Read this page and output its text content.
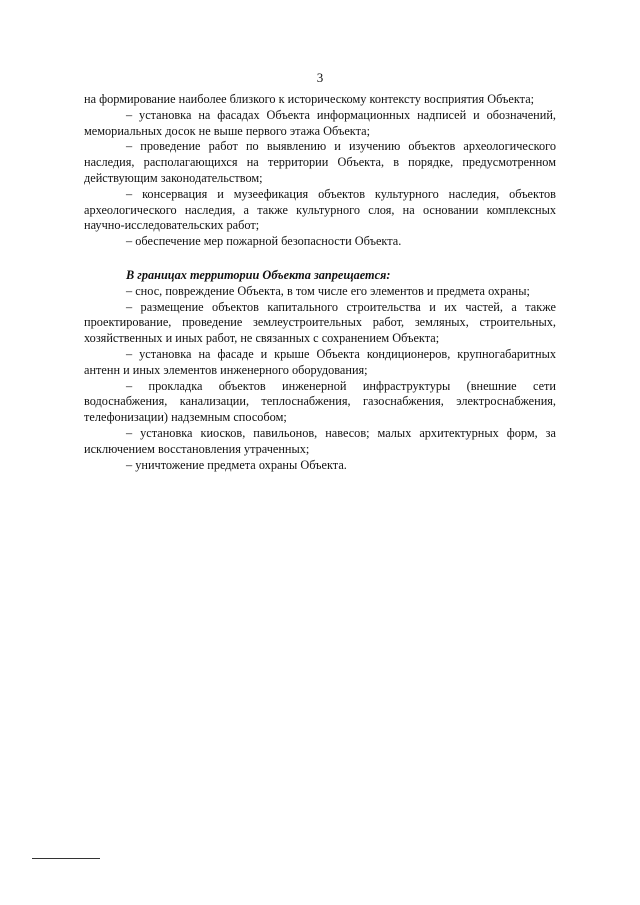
3

на формирование наиболее близкого к историческому контексту восприятия Объекта;

– установка на фасадах Объекта информационных надписей и обозначений, мемориальных досок не выше первого этажа Объекта;

– проведение работ по выявлению и изучению объектов археологического наследия, располагающихся на территории Объекта, в порядке, предусмотренном действующим законодательством;

– консервация и музеефикация объектов культурного наследия, объектов археологического наследия, а также культурного слоя, на основании комплексных научно-исследовательских работ;

– обеспечение мер пожарной безопасности Объекта.

В границах территории Объекта запрещается:

– снос, повреждение Объекта, в том числе его элементов и предмета охраны;

– размещение объектов капитального строительства и их частей, а также проектирование, проведение землеустроительных работ, земляных, строительных, хозяйственных и иных работ, не связанных с сохранением Объекта;

– установка на фасаде и крыше Объекта кондиционеров, крупногабаритных антенн и иных элементов инженерного оборудования;

– прокладка объектов инженерной инфраструктуры (внешние сети водоснабжения, канализации, теплоснабжения, газоснабжения, электроснабжения, телефонизации) надземным способом;

– установка киосков, павильонов, навесов; малых архитектурных форм, за исключением восстановления утраченных;

– уничтожение предмета охраны Объекта.
